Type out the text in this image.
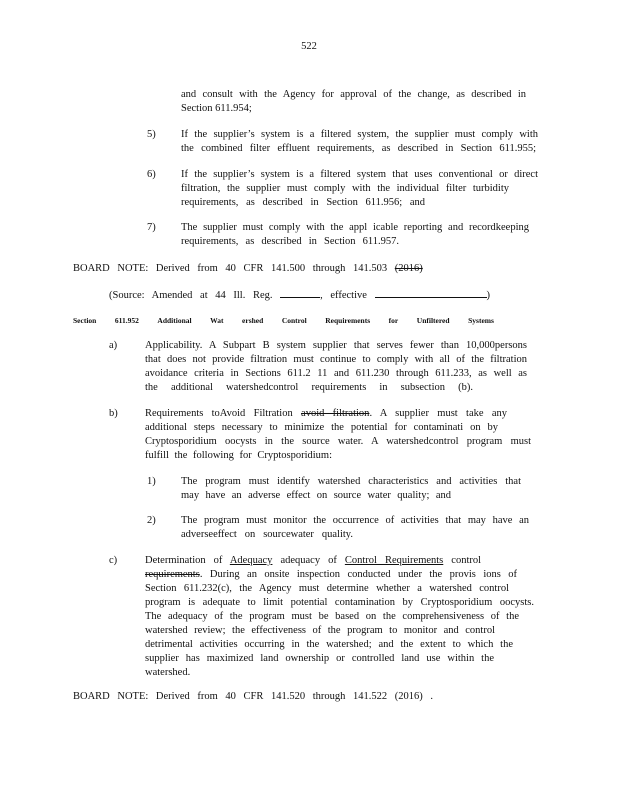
522
and consult with the Agency for approval of the change, as described in
Section 611.954;
5) If the supplier’s system is a filtered system, the supplier must comply with
the combined filter effluent requirements, as described in Section 611.955;
6) If the supplier’s system is a filtered system that uses conventional or direct
filtration, the supplier must comply with the individual filter turbidity
requirements, as described in Section 611.956; and
7) The supplier must comply with the appl icable reporting and recordkeeping
requirements, as described in Section 611.957.
BOARD NOTE: Derived from 40 CFR 141.500 through 141.503 (2016)
(Source: Amended at 44 Ill. Reg.	, effective	)
Section 611.952 Additional Wat ershed Control Requirements for Unfiltered Systems
a)	Applicability. A Subpart B system supplier that serves fewer than 10,000persons
that does not provide filtration must continue to comply with all of the filtration
avoidance criteria in Sections 611.2 11 and 611.230 through 611.233, as well as
the additional watershedcontrol requirements in subsection (b).
b)	Requirements toAvoid Filtration avoid filtration. A supplier must take any
additional steps necessary to minimize the potential for contaminati on by
Cryptosporidium oocysts in the source water. A watershedcontrol program must
fulfill the following for Cryptosporidium:
1) The program must identify watershed characteristics and activities that
may have an adverse effect on source water quality; and
2) The program must monitor the occurrence of activities that may have an
adverseeffect on sourcewater quality.
c)	Determination of Adequacy adequacy of Control Requirements control
requirements. During an onsite inspection conducted under the provis ions of
Section 611.232(c), the Agency must determine whether a watershed control
program is adequate to limit potential contamination by Cryptosporidium oocysts.
The adequacy of the program must be based on the comprehensiveness of the
watershed review; the effectiveness of the program to monitor and control
detrimental activities occurring in the watershed; and the extent to which the
supplier has maximized land ownership or controlled land use within the
watershed.
BOARD NOTE: Derived from 40 CFR 141.520 through 141.522 (2016) .
